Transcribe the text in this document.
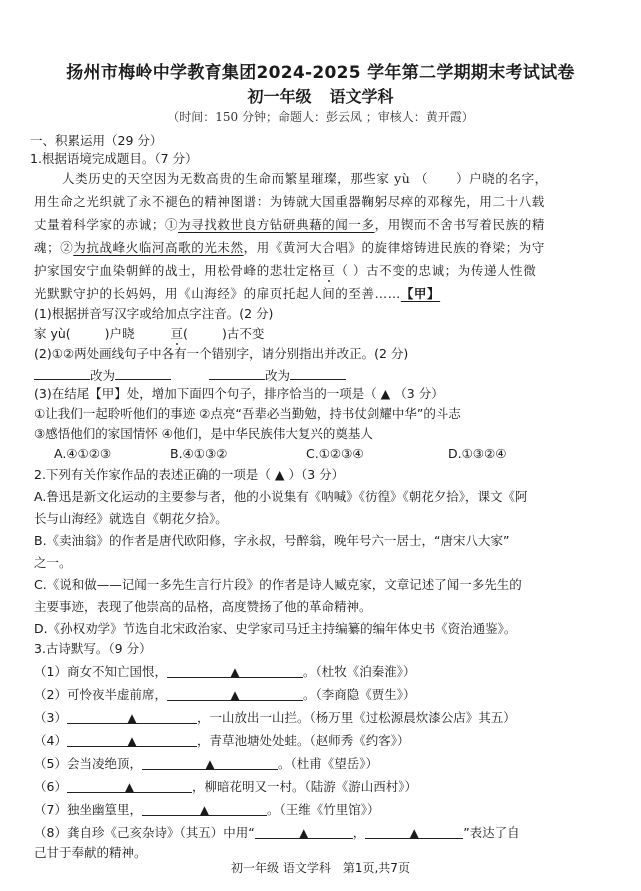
扬州市梅岭中学教育集团2024-2025 学年第二学期期末考试试卷
初一年级 语文学科
（时间：150 分钟；命题人：彭云凤 ；审核人：黄开霞）
一、积累运用（29 分）
1.根据语境完成题目。（7 分）
人类历史的天空因为无数高贵的生命而繁星璀璨，那些家 yù （ ）户晓的名字，
用生命之光织就了永不褪色的精神图谱：为铸就大国重器鞠躬尽瘁的邓稼先，用二十八载
丈量着科学家的赤诚；①为寻找救世良方钻研典藉的闻一多，用锲而不舍书写着民族的精
魂；②为抗战峰火临河高歌的光未然，用《黄河大合唱》的旋律熔铸进民族的脊梁；为守
护家国安宁血染朝鲜的战士，用松骨峰的悲壮定格亘（ ）古不变的忠诚；为传递人性微
光默默守护的长妈妈，用《山海经》的扉页托起人间的至善……【甲】
(1)根据拼音写汉字或给加点字注音。(2 分)
家 yù(	)户晓	亘(	)古不变
(2)①②两处画线句子中各有一个错别字，请分别指出并改正。(2 分)
改为	改为
(3)在结尾【甲】处，增加下面四个句子，排序恰当的一项是（ ▲ （3 分）
①让我们一起聆听他们的事迹 ②点亮“吾辈必当勤勉，持书仗剑耀中华”的斗志
③感悟他们的家国情怀 ④他们，是中华民族伟大复兴的奠基人
A.④①②③	B.④①③②	C.①②③④	D.①③②④
2.下列有关作家作品的表述正确的一项是（ ▲ ）（3 分）
A.鲁迅是新文化运动的主要参与者，他的小说集有《呐喊》《彷徨》《朝花夕拾》，课文《阿
长与山海经》就选自《朝花夕拾》。
B.《卖油翁》的作者是唐代欧阳修，字永叔，号醉翁，晚年号六一居士，“唐宋八大家”
之一。
C.《说和做——记闻一多先生言行片段》的作者是诗人臧克家，文章记述了闻一多先生的
主要事迹，表现了他崇高的品格，高度赞扬了他的革命精神。
D.《孙权劝学》节选自北宋政治家、史学家司马迁主持编纂的编年体史书《资治通鉴》。
3.古诗默写。（9 分）
（1）商女不知亡国恨，	▲	。（杜牧《泊秦淮》）
（2）可怜夜半虚前席，	▲	。（李商隐《贾生》）
（3）	▲	，一山放出一山拦。（杨万里《过松源晨炊漆公店》其五）
（4）	▲	，青草池塘处处蛙。（赵师秀《约客》）
（5）会当凌绝顶，	▲	。（杜甫《望岳》）
（6）	▲	，柳暗花明又一村。（陆游《游山西村》）
（7）独坐幽篁里，	▲	。（王维《竹里馆》）
（8）龚自珍《己亥杂诗》（其五）中用“	▲	，	▲	”表达了自
己甘于奉献的精神。
初一年级 语文学科　第1页,共7页
